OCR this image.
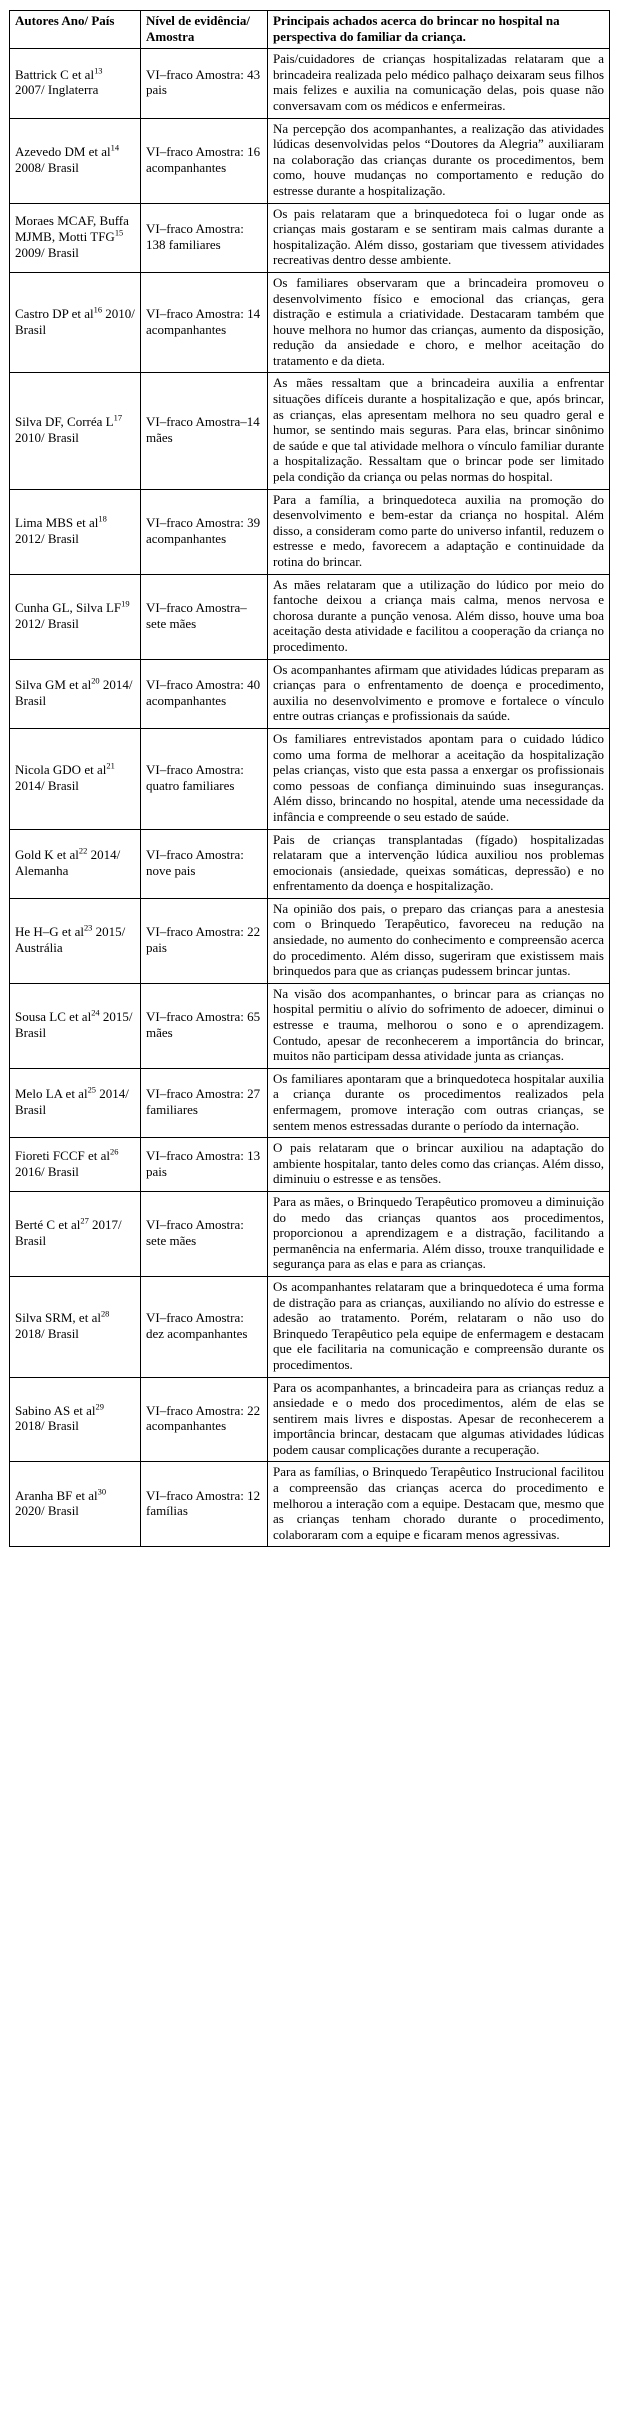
Autores Ano/ País	Nível de evidência/ Amostra	Principais achados acerca do brincar no hospital na perspectiva do familiar da criança.
Battrick C et $al^{13}$ 2007/ Inglaterra	VI–fraco Amostra: 43 pais	Pais/cuidadores de crianças hospitalizadas relataram que a brincadeira realizada pelo médico palhaço deixaram seus filhos mais felizes e auxilia na comunicação delas, pois quase não conversavam com os médicos e enfermeiras.
Azevedo DM et $al^{14}$ 2008/ Brasil	VI–fraco Amostra: 16 acompanhantes	Na percepção dos acompanhantes, a realização das atividades lúdicas desenvolvidas pelos “Doutores da Alegria” auxiliaram na colaboração das crianças durante os procedimentos, bem como, houve mudanças no comportamento e redução do estresse durante a hospitalização.
Moraes MCAF, Buffa MJMB, Motti TFG$^{15}$ 2009/ Brasil	VI–fraco Amostra: 138 familiares	Os pais relataram que a brinquedoteca foi o lugar onde as crianças mais gostaram e se sentiram mais calmas durante a hospitalização. Além disso, gostariam que tivessem atividades recreativas dentro desse ambiente.
Castro DP et $al^{16}$ 2010/ Brasil	VI–fraco Amostra: 14 acompanhantes	Os familiares observaram que a brincadeira promoveu o desenvolvimento físico e emocional das crianças, gera distração e estimula a criatividade. Destacaram também que houve melhora no humor das crianças, aumento da disposição, redução da ansiedade e choro, e melhor aceitação do tratamento e da dieta.
Silva DF, Corréa $L^{17}$ 2010/ Brasil	VI–fraco Amostra–14 mães	As mães ressaltam que a brincadeira auxilia a enfrentar situações difíceis durante a hospitalização e que, após brincar, as crianças, elas apresentam melhora no seu quadro geral e humor, se sentindo mais seguras. Para elas, brincar sinônimo de saúde e que tal atividade melhora o vínculo familiar durante a hospitalização. Ressaltam que o brincar pode ser limitado pela condição da criança ou pelas normas do hospital.
Lima MBS et $al^{18}$ 2012/ Brasil	VI–fraco Amostra: 39 acompanhantes	Para a família, a brinquedoteca auxilia na promoção do desenvolvimento e bem-estar da criança no hospital. Além disso, a consideram como parte do universo infantil, reduzem o estresse e medo, favorecem a adaptação e continuidade da rotina do brincar.
Cunha GL, Silva LF$^{19}$ 2012/ Brasil	VI–fraco Amostra–sete mães	As mães relataram que a utilização do lúdico por meio do fantoche deixou a criança mais calma, menos nervosa e chorosa durante a punção venosa. Além disso, houve uma boa aceitação desta atividade e facilitou a cooperação da criança no procedimento.
Silva GM et $al^{20}$ 2014/ Brasil	VI–fraco Amostra: 40 acompanhantes	Os acompanhantes afirmam que atividades lúdicas preparam as crianças para o enfrentamento de doença e procedimento, auxilia no desenvolvimento e promove e fortalece o vínculo entre outras crianças e profissionais da saúde.
Nicola GDO et $al^{21}$ 2014/ Brasil	VI–fraco Amostra: quatro familiares	Os familiares entrevistados apontam para o cuidado lúdico como uma forma de melhorar a aceitação da hospitalização pelas crianças, visto que esta passa a enxergar os profissionais como pessoas de confiança diminuindo suas inseguranças. Além disso, brincando no hospital, atende uma necessidade da infância e compreende o seu estado de saúde.
Gold K et $al^{22}$ 2014/ Alemanha	VI–fraco Amostra: nove pais	Pais de crianças transplantadas (fígado) hospitalizadas relataram que a intervenção lúdica auxiliou nos problemas emocionais (ansiedade, queixas somáticas, depressão) e no enfrentamento da doença e hospitalização.
He H–G et $al^{23}$ 2015/ Austrália	VI–fraco Amostra: 22 pais	Na opinião dos pais, o preparo das crianças para a anestesia com o Brinquedo Terapêutico, favoreceu na redução na ansiedade, no aumento do conhecimento e compreensão acerca do procedimento. Além disso, sugeriram que existissem mais brinquedos para que as crianças pudessem brincar juntas.
Sousa LC et $al^{24}$ 2015/ Brasil	VI–fraco Amostra: 65 mães	Na visão dos acompanhantes, o brincar para as crianças no hospital permitiu o alívio do sofrimento de adoecer, diminui o estresse e trauma, melhorou o sono e o aprendizagem. Contudo, apesar de reconhecerem a importância do brincar, muitos não participam dessa atividade junta as crianças.
Melo LA et $al^{25}$ 2014/ Brasil	VI–fraco Amostra: 27 familiares	Os familiares apontaram que a brinquedoteca hospitalar auxilia a criança durante os procedimentos realizados pela enfermagem, promove interação com outras crianças, se sentem menos estressadas durante o período da internação.
Fioreti FCCF et $al^{26}$ 2016/ Brasil	VI–fraco Amostra: 13 pais	O pais relataram que o brincar auxiliou na adaptação do ambiente hospitalar, tanto deles como das crianças. Além disso, diminuiu o estresse e as tensões.
Berté C et $al^{27}$ 2017/ Brasil	VI–fraco Amostra: sete mães	Para as mães, o Brinquedo Terapêutico promoveu a diminuição do medo das crianças quantos aos procedimentos, proporcionou a aprendizagem e a distração, facilitando a permanência na enfermaria. Além disso, trouxe tranquilidade e segurança para as elas e para as crianças.
Silva SRM, et $al^{28}$ 2018/ Brasil	VI–fraco Amostra: dez acompanhantes	Os acompanhantes relataram que a brinquedoteca é uma forma de distração para as crianças, auxiliando no alívio do estresse e adesão ao tratamento. Porém, relataram o não uso do Brinquedo Terapêutico pela equipe de enfermagem e destacam que ele facilitaria na comunicação e compreensão durante os procedimentos.
Sabino AS et $al^{29}$ 2018/ Brasil	VI–fraco Amostra: 22 acompanhantes	Para os acompanhantes, a brincadeira para as crianças reduz a ansiedade e o medo dos procedimentos, além de elas se sentirem mais livres e dispostas. Apesar de reconhecerem a importância brincar, destacam que algumas atividades lúdicas podem causar complicações durante a recuperação.
Aranha BF et $al^{30}$ 2020/ Brasil	VI–fraco Amostra: 12 famílias	Para as famílias, o Brinquedo Terapêutico Instrucional facilitou a compreensão das crianças acerca do procedimento e melhorou a interação com a equipe. Destacam que, mesmo que as crianças tenham chorado durante o procedimento, colaboraram com a equipe e ficaram menos agressivas.
